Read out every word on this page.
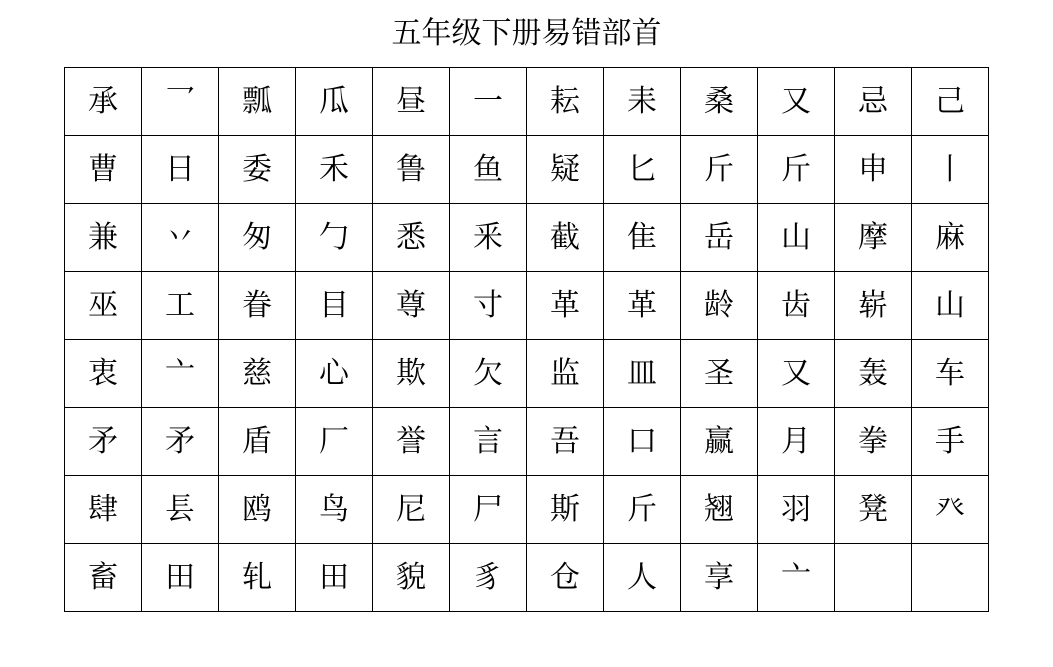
五年级下册易错部首
承	乛	瓢	瓜	昼	一	耘	耒	桑	又	忌	己
曹	日	委	禾	鲁	鱼	疑	匕	斤	斤	申	丨
兼	丷	匆	勹	悉	釆	截	隹	岳	山	摩	麻
巫	工	眷	目	尊	寸	革	革	龄	齿	崭	山
衷	亠	慈	心	欺	欠	监	皿	圣	又	轰	车
矛	矛	盾	厂	誉	言	吾	口	赢	月	拳	手
肆	镸	鸥	鸟	尼	尸	斯	斤	翘	羽	凳	癶
畜	田	轧	田	貌	豸	仓	人	享	亠		
